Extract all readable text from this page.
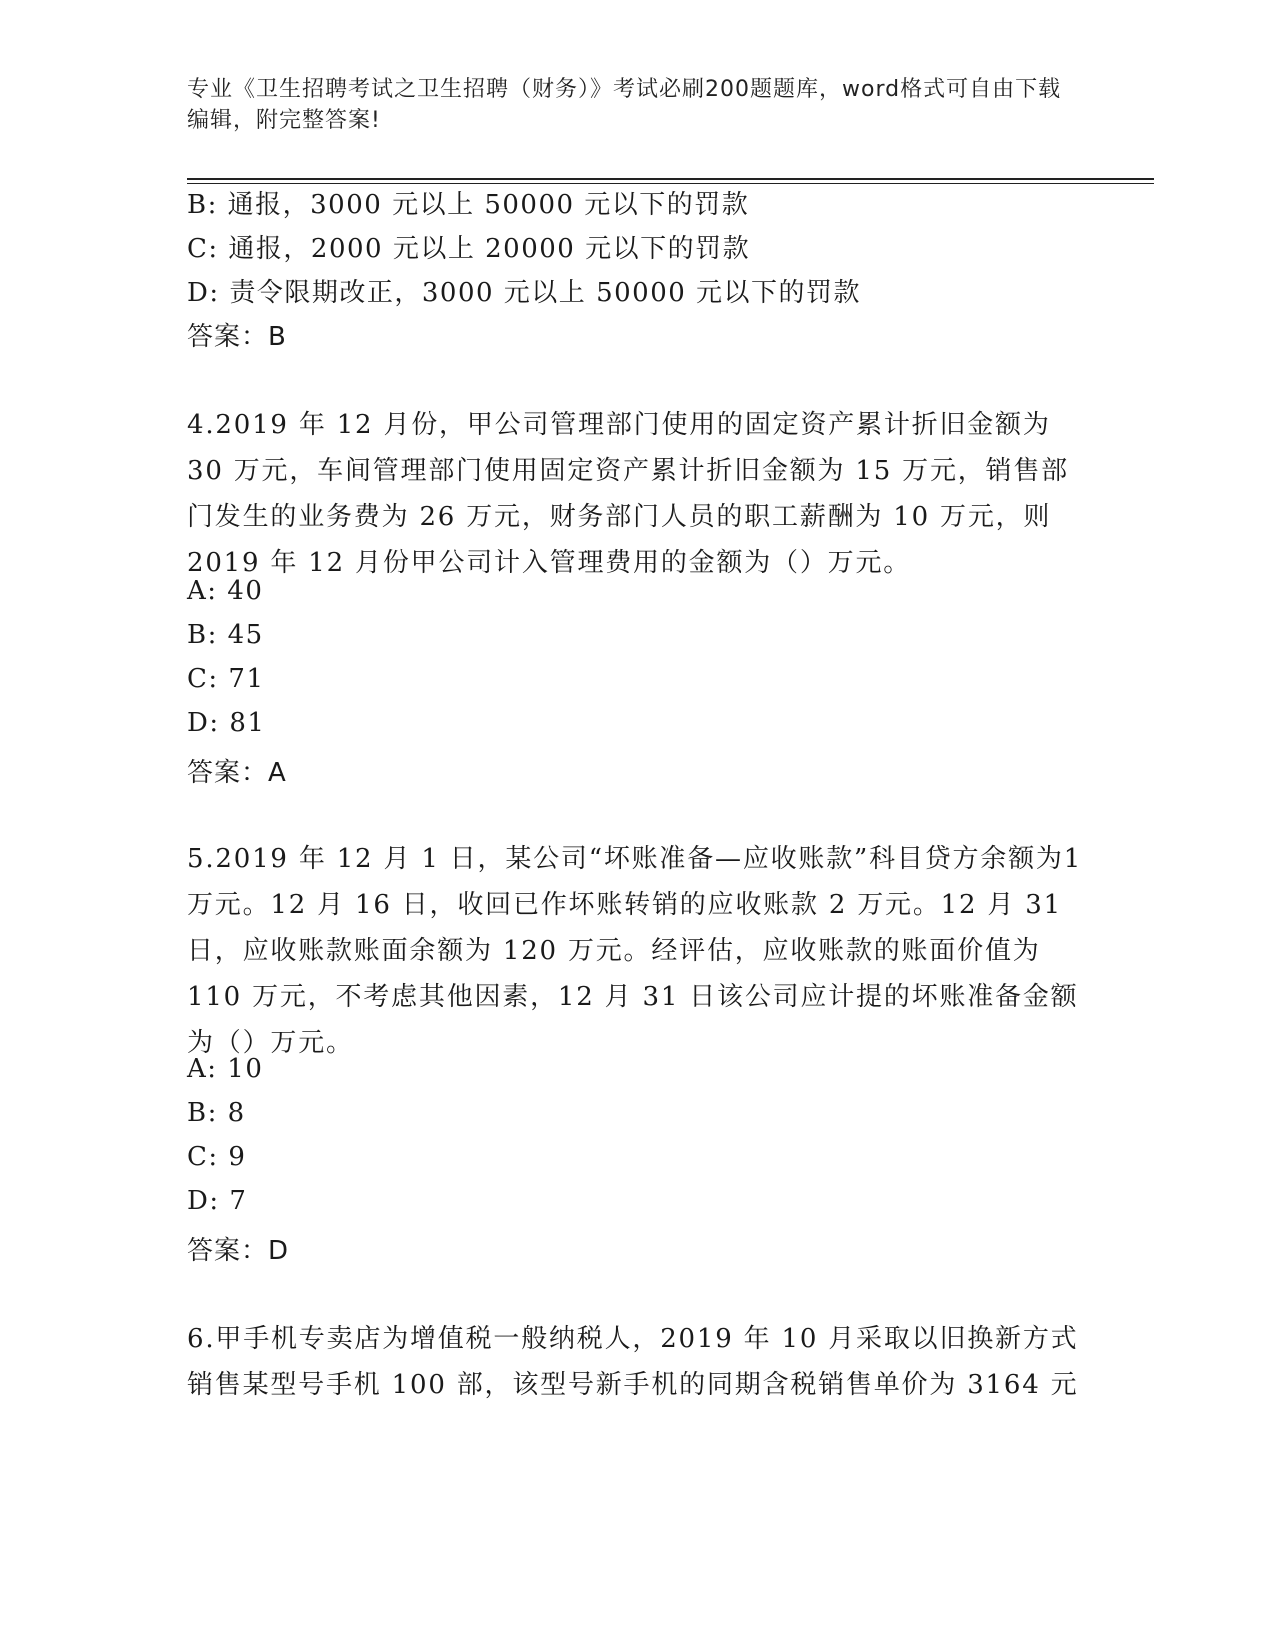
专业《卫生招聘考试之卫生招聘（财务）》考试必刷200题题库，word格式可自由下载编辑，附完整答案!
B: 通报，3000 元以上 50000 元以下的罚款
C: 通报，2000 元以上 20000 元以下的罚款
D: 责令限期改正，3000 元以上 50000 元以下的罚款
答案：B
4.2019 年 12 月份，甲公司管理部门使用的固定资产累计折旧金额为30 万元，车间管理部门使用固定资产累计折旧金额为 15 万元，销售部门发生的业务费为 26 万元，财务部门人员的职工薪酬为 10 万元，则2019 年 12 月份甲公司计入管理费用的金额为（）万元。
A: 40
B: 45
C: 71
D: 81
答案：A
5.2019 年 12 月 1 日，某公司“坏账准备—应收账款”科目贷方余额为1 万元。12 月 16 日，收回已作坏账转销的应收账款 2 万元。12 月 31日，应收账款账面余额为 120 万元。经评估，应收账款的账面价值为110 万元，不考虑其他因素，12 月 31 日该公司应计提的坏账准备金额为（）万元。
A: 10
B: 8
C: 9
D: 7
答案：D
6.甲手机专卖店为增值税一般纳税人，2019 年 10 月采取以旧换新方式销售某型号手机 100 部，该型号新手机的同期含税销售单价为 3164 元
